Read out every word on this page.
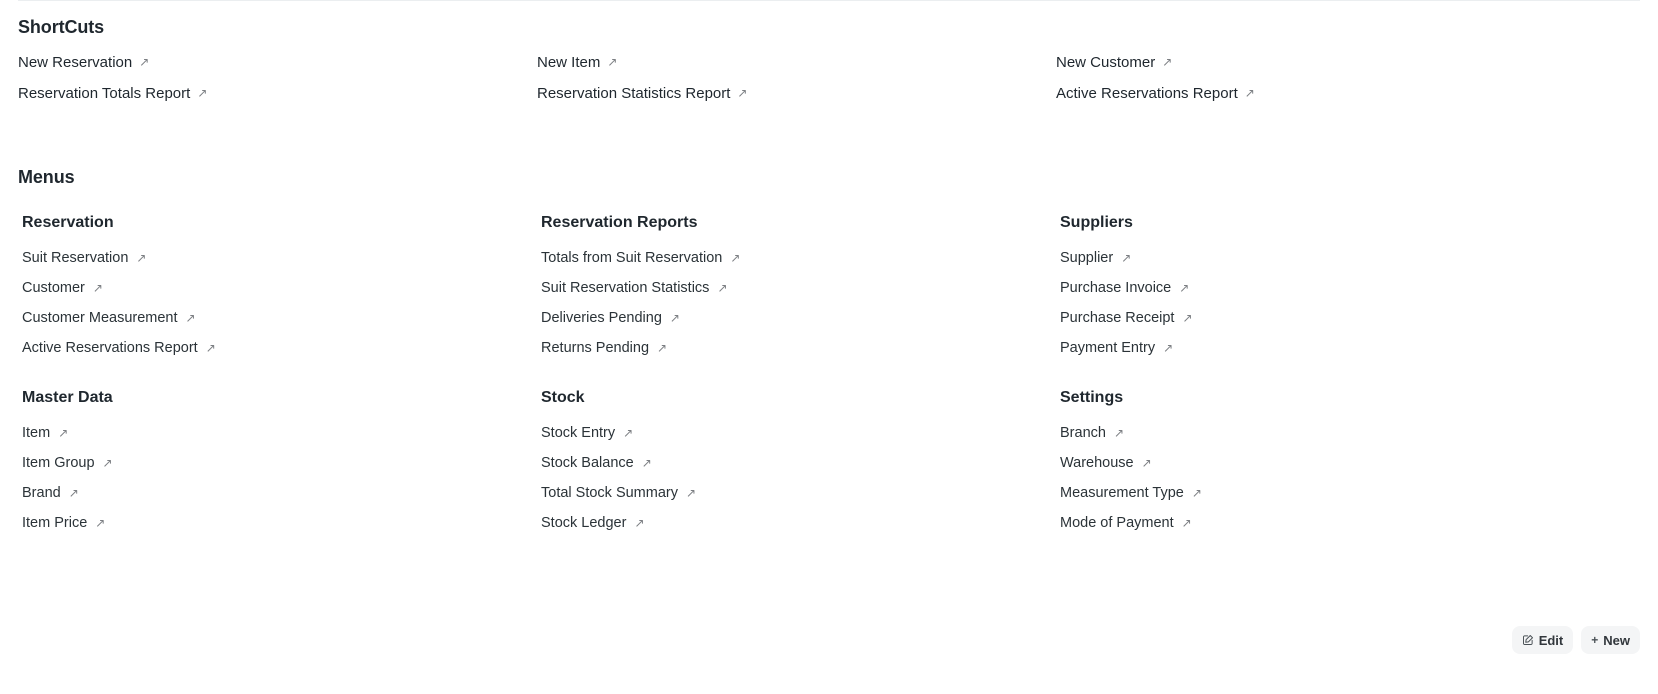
ShortCuts
New Reservation ↗
Reservation Totals Report ↗
New Item ↗
Reservation Statistics Report ↗
New Customer ↗
Active Reservations Report ↗
Menus
Reservation
Suit Reservation ↗
Customer ↗
Customer Measurement ↗
Active Reservations Report ↗
Master Data
Item ↗
Item Group ↗
Brand ↗
Item Price ↗
Reservation Reports
Totals from Suit Reservation ↗
Suit Reservation Statistics ↗
Deliveries Pending ↗
Returns Pending ↗
Stock
Stock Entry ↗
Stock Balance ↗
Total Stock Summary ↗
Stock Ledger ↗
Suppliers
Supplier ↗
Purchase Invoice ↗
Purchase Receipt ↗
Payment Entry ↗
Settings
Branch ↗
Warehouse ↗
Measurement Type ↗
Mode of Payment ↗
Edit + New
